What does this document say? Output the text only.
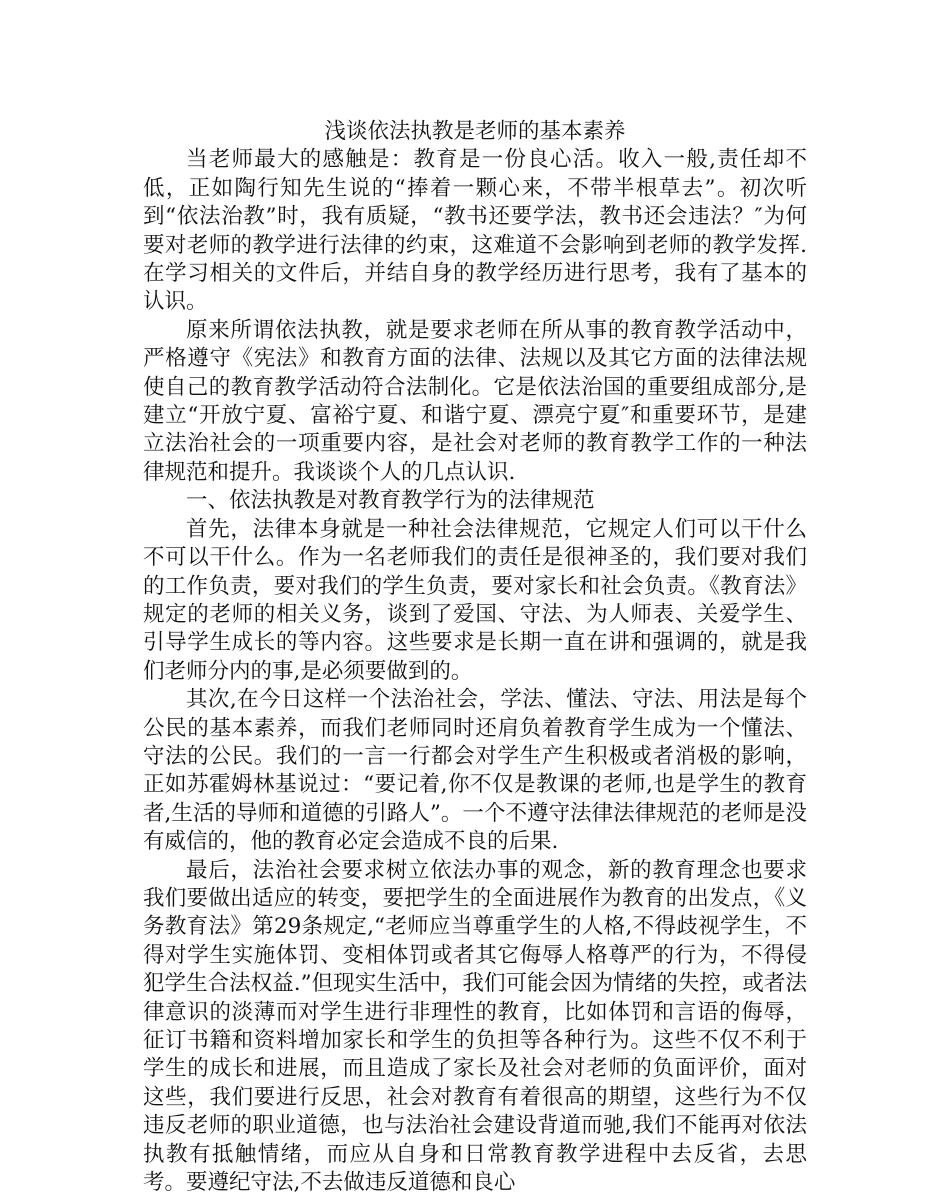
浅谈依法执教是老师的基本素养

当老师最大的感触是：教育是一份良心活。收入一般,责任却不低，正如陶行知先生说的“捧着一颗心来，不带半根草去”。初次听到“依法治教”时，我有质疑，“教书还要学法，教书还会违法？″为何要对老师的教学进行法律的约束，这难道不会影响到老师的教学发挥.在学习相关的文件后，并结自身的教学经历进行思考，我有了基本的认识。

原来所谓依法执教，就是要求老师在所从事的教育教学活动中，严格遵守《宪法》和教育方面的法律、法规以及其它方面的法律法规使自己的教育教学活动符合法制化。它是依法治国的重要组成部分,是建立“开放宁夏、富裕宁夏、和谐宁夏、漂亮宁夏″和重要环节，是建立法治社会的一项重要内容，是社会对老师的教育教学工作的一种法律规范和提升。我谈谈个人的几点认识.

一、依法执教是对教育教学行为的法律规范

首先，法律本身就是一种社会法律规范，它规定人们可以干什么不可以干什么。作为一名老师我们的责任是很神圣的，我们要对我们的工作负责，要对我们的学生负责，要对家长和社会负责。《教育法》规定的老师的相关义务，谈到了爱国、守法、为人师表、关爱学生、引导学生成长的等内容。这些要求是长期一直在讲和强调的，就是我们老师分内的事,是必须要做到的。

其次,在今日这样一个法治社会，学法、懂法、守法、用法是每个公民的基本素养，而我们老师同时还肩负着教育学生成为一个懂法、守法的公民。我们的一言一行都会对学生产生积极或者消极的影响，正如苏霍姆林基说过：“要记着,你不仅是教课的老师,也是学生的教育者,生活的导师和道德的引路人”。一个不遵守法律法律规范的老师是没有威信的，他的教育必定会造成不良的后果.

最后，法治社会要求树立依法办事的观念，新的教育理念也要求我们要做出适应的转变，要把学生的全面进展作为教育的出发点，《义务教育法》第29条规定,“老师应当尊重学生的人格,不得歧视学生，不得对学生实施体罚、变相体罚或者其它侮辱人格尊严的行为，不得侵犯学生合法权益.”但现实生活中，我们可能会因为情绪的失控，或者法律意识的淡薄而对学生进行非理性的教育，比如体罚和言语的侮辱，征订书籍和资料增加家长和学生的负担等各种行为。这些不仅不利于学生的成长和进展，而且造成了家长及社会对老师的负面评价，面对这些，我们要进行反思，社会对教育有着很高的期望，这些行为不仅违反老师的职业道德，也与法治社会建设背道而驰,我们不能再对依法执教有抵触情绪，而应从自身和日常教育教学进程中去反省，去思考。要遵纪守法,不去做违反道德和良心
